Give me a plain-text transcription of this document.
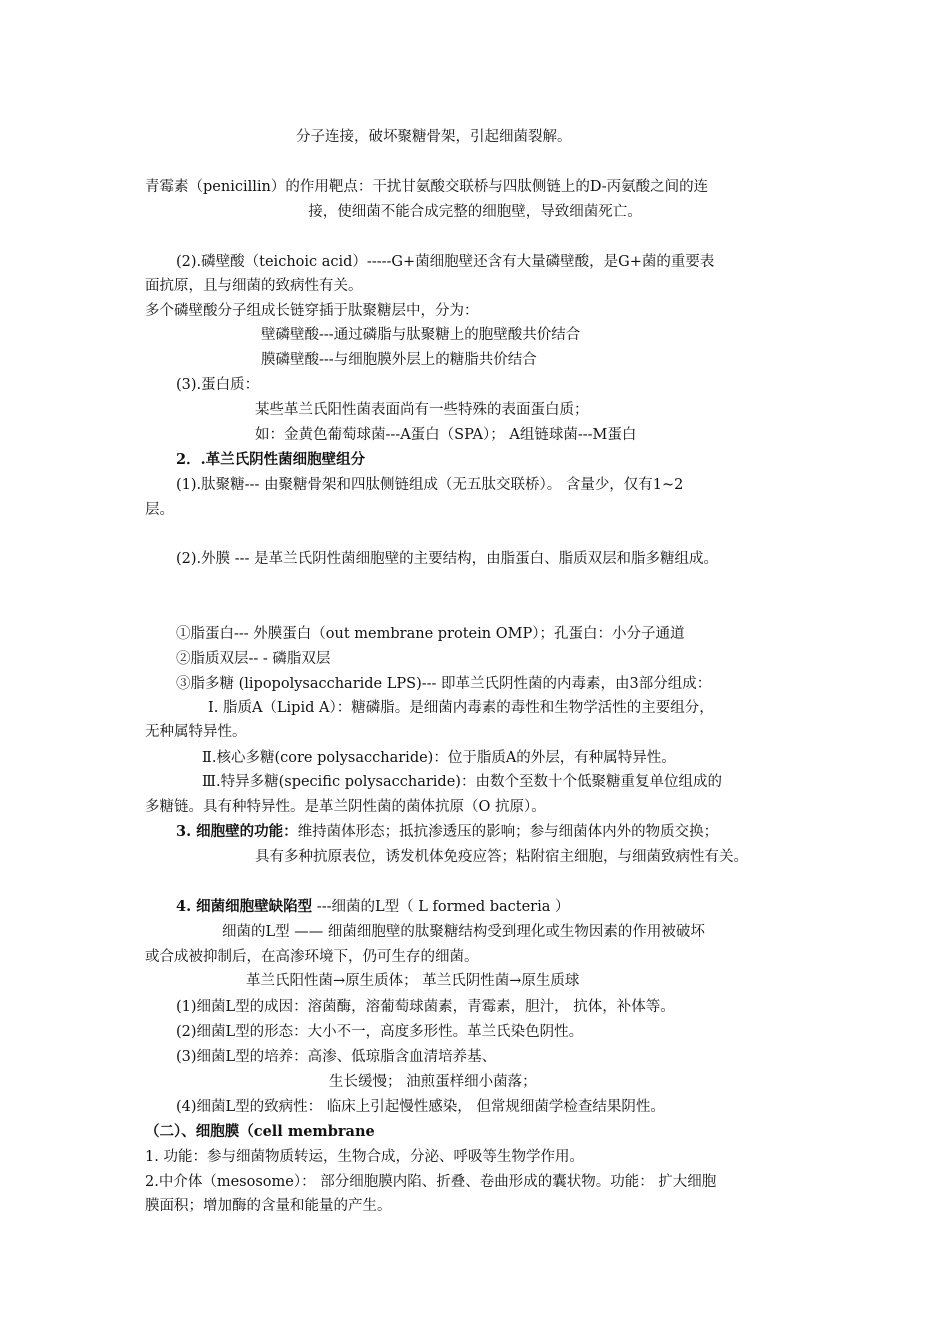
分子连接，破坏聚糖骨架，引起细菌裂解。
青霉素（penicillin）的作用靶点：干扰甘氨酸交联桥与四肽侧链上的D-丙氨酸之间的连
接，使细菌不能合成完整的细胞壁，导致细菌死亡。
(2).磷壁酸（teichoic acid）-----G+菌细胞壁还含有大量磷壁酸，是G+菌的重要表
面抗原，且与细菌的致病性有关。
多个磷壁酸分子组成长链穿插于肽聚糖层中，分为：
壁磷壁酸---通过磷脂与肽聚糖上的胞壁酸共价结合
膜磷壁酸---与细胞膜外层上的糖脂共价结合
(3).蛋白质：
某些革兰氏阳性菌表面尚有一些特殊的表面蛋白质；
如：金黄色葡萄球菌---A蛋白（SPA）； A组链球菌---M蛋白
2．.革兰氏阴性菌细胞壁组分
(1).肽聚糖--- 由聚糖骨架和四肽侧链组成（无五肽交联桥）。 含量少，仅有1~2
层。
(2).外膜 --- 是革兰氏阴性菌细胞壁的主要结构，由脂蛋白、脂质双层和脂多糖组成。
①脂蛋白--- 外膜蛋白（out membrane protein OMP）；孔蛋白：小分子通道
②脂质双层-- - 磷脂双层
③脂多糖 (lipopolysaccharide LPS)--- 即革兰氏阴性菌的内毒素，由3部分组成：
Ⅰ. 脂质A（Lipid A）：糖磷脂。是细菌内毒素的毒性和生物学活性的主要组分，
无种属特异性。
Ⅱ.核心多糖(core polysaccharide)：位于脂质A的外层，有种属特异性。
Ⅲ.特异多糖(specific polysaccharide)：由数个至数十个低聚糖重复单位组成的
多糖链。具有种特异性。是革兰阴性菌的菌体抗原（O 抗原）。
3. 细胞壁的功能：维持菌体形态；抵抗渗透压的影响；参与细菌体内外的物质交换；
具有多种抗原表位，诱发机体免疫应答；粘附宿主细胞，与细菌致病性有关。
4. 细菌细胞壁缺陷型 ---细菌的L型（ L formed bacteria ）
细菌的L型 —— 细菌细胞壁的肽聚糖结构受到理化或生物因素的作用被破坏
或合成被抑制后，在高渗环境下，仍可生存的细菌。
革兰氏阳性菌→原生质体； 革兰氏阴性菌→原生质球
(1)细菌L型的成因：溶菌酶，溶葡萄球菌素，青霉素，胆汁， 抗体，补体等。
(2)细菌L型的形态：大小不一，高度多形性。革兰氏染色阴性。
(3)细菌L型的培养：高渗、低琼脂含血清培养基、
生长缓慢； 油煎蛋样细小菌落；
(4)细菌L型的致病性： 临床上引起慢性感染， 但常规细菌学检查结果阴性。
（二）、细胞膜（cell membrane
1. 功能：参与细菌物质转运，生物合成，分泌、呼吸等生物学作用。
2.中介体（mesosome）： 部分细胞膜内陷、折叠、卷曲形成的囊状物。功能： 扩大细胞
膜面积；增加酶的含量和能量的产生。
